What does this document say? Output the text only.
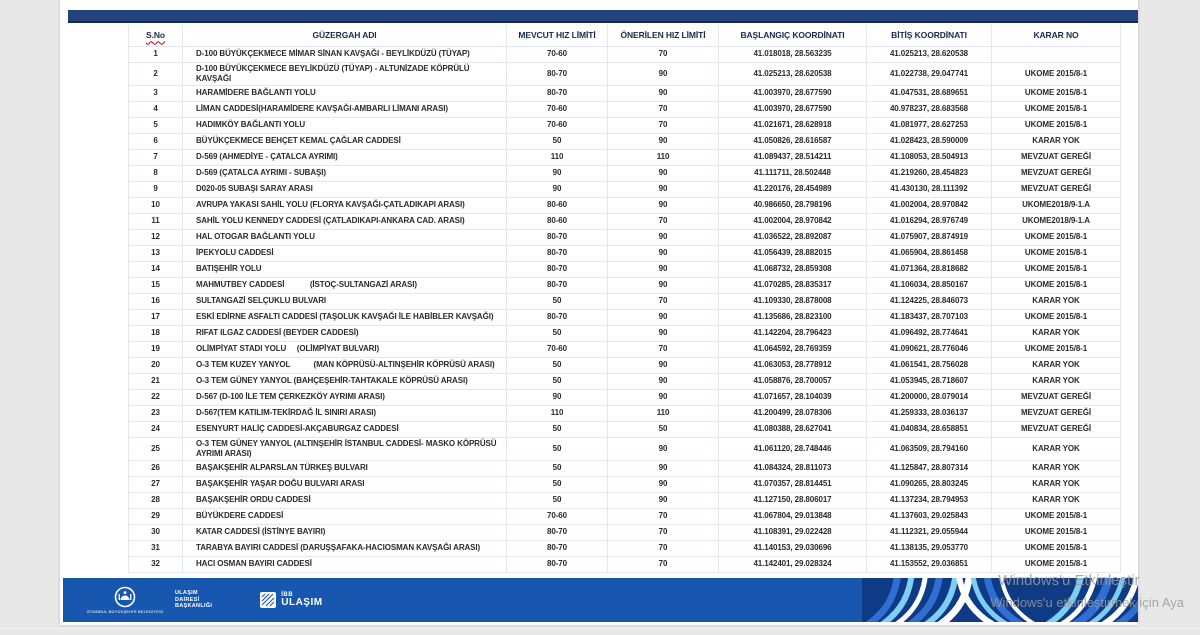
S.No	GÜZERGAH ADI	MEVCUT HIZ LİMİTİ	ÖNERİLEN HIZ LİMİTİ	BAŞLANGIÇ KOORDİNATI	BİTİŞ KOORDİNATI	KARAR NO
1	D-100 BÜYÜKÇEKMECE MİMAR SİNAN KAVŞAĞI - BEYLİKDÜZÜ (TÜYAP)	70-60	70	41.018018, 28.563235	41.025213, 28.620538	
2	D-100 BÜYÜKÇEKMECE BEYLİKDÜZÜ (TÜYAP) - ALTUNİZADE KÖPRÜLÜ KAVŞAĞI	80-70	90	41.025213, 28.620538	41.022738, 29.047741	UKOME 2015/8-1
3	HARAMİDERE BAĞLANTI YOLU	80-70	90	41.003970, 28.677590	41.047531, 28.689651	UKOME 2015/8-1
4	LİMAN CADDESİ(HARAMİDERE KAVŞAĞI-AMBARLI LİMANI ARASI)	70-60	70	41.003970, 28.677590	40.978237, 28.683568	UKOME 2015/8-1
5	HADIMKÖY BAĞLANTI YOLU	70-60	70	41.021671, 28.628918	41.081977, 28.627253	UKOME 2015/8-1
6	BÜYÜKÇEKMECE BEHÇET KEMAL ÇAĞLAR CADDESİ	50	90	41.050826, 28.616587	41.028423, 28.590009	KARAR YOK
7	D-569 (AHMEDİYE - ÇATALCA AYRIMI)	110	110	41.089437, 28.514211	41.108053, 28.504913	MEVZUAT GEREĞİ
8	D-569 (ÇATALCA AYRIMI - SUBAŞI)	90	90	41.111711, 28.502448	41.219260, 28.454823	MEVZUAT GEREĞİ
9	D020-05 SUBAŞI SARAY ARASI	90	90	41.220176, 28.454989	41.430130, 28.111392	MEVZUAT GEREĞİ
10	AVRUPA YAKASI SAHİL YOLU (FLORYA KAVŞAĞI-ÇATLADIKAPI ARASI)	80-60	90	40.986650, 28.798196	41.002004, 28.970842	UKOME2018/9-1.A
11	SAHİL YOLU KENNEDY CADDESİ (ÇATLADIKAPI-ANKARA CAD. ARASI)	80-60	70	41.002004, 28.970842	41.016294, 28.976749	UKOME2018/9-1.A
12	HAL OTOGAR BAĞLANTI YOLU	80-70	90	41.036522, 28.892087	41.075907, 28.874919	UKOME 2015/8-1
13	İPEKYOLU CADDESİ	80-70	90	41.056439, 28.882015	41.065904, 28.861458	UKOME 2015/8-1
14	BATIŞEHİR YOLU	80-70	90	41.068732, 28.859308	41.071364, 28.818682	UKOME 2015/8-1
15	MAHMUTBEY CADDESİ            (İSTOÇ-SULTANGAZİ ARASI)	80-70	90	41.070285, 28.835317	41.106034, 28.850167	UKOME 2015/8-1
16	SULTANGAZİ SELÇUKLU BULVARI	50	70	41.109330, 28.878008	41.124225, 28.846073	KARAR YOK
17	ESKİ EDİRNE ASFALTI CADDESİ (TAŞOLUK KAVŞAĞI İLE HABİBLER KAVŞAĞI)	80-70	90	41.135686, 28.823100	41.183437, 28.707103	UKOME 2015/8-1
18	RIFAT ILGAZ CADDESİ (BEYDER CADDESİ)	50	90	41.142204, 28.796423	41.096492, 28.774641	KARAR YOK
19	OLİMPİYAT STADI YOLU     (OLİMPİYAT BULVARI)	70-60	70	41.064592, 28.769359	41.090621, 28.776046	UKOME 2015/8-1
20	O-3 TEM KUZEY YANYOL           (MAN KÖPRÜSÜ-ALTINŞEHİR KÖPRÜSÜ ARASI)	50	90	41.063053, 28.778912	41.061541, 28.756028	KARAR YOK
21	O-3 TEM GÜNEY YANYOL (BAHÇEŞEHİR-TAHTAKALE KÖPRÜSÜ ARASI)	50	90	41.058876, 28.700057	41.053945, 28.718607	KARAR YOK
22	D-567 (D-100 İLE TEM ÇERKEZKÖY AYRIMI ARASI)	90	90	41.071657, 28.104039	41.200000, 28.079014	MEVZUAT GEREĞİ
23	D-567(TEM KATILIM-TEKİRDAĞ İL SINIRI ARASI)	110	110	41.200499, 28.078306	41.259333, 28.036137	MEVZUAT GEREĞİ
24	ESENYURT HALİÇ CADDESİ-AKÇABURGAZ CADDESİ	50	50	41.080388, 28.627041	41.040834, 28.658851	MEVZUAT GEREĞİ
25	O-3 TEM GÜNEY YANYOL (ALTINŞEHİR İSTANBUL CADDESİ- MASKO KÖPRÜSÜ AYRIMI ARASI)	50	90	41.061120, 28.748446	41.063509, 28.794160	KARAR YOK
26	BAŞAKŞEHİR ALPARSLAN TÜRKEŞ BULVARI	50	90	41.084324, 28.811073	41.125847, 28.807314	KARAR YOK
27	BAŞAKŞEHİR YAŞAR DOĞU BULVARI ARASI	50	90	41.070357, 28.814451	41.090265, 28.803245	KARAR YOK
28	BAŞAKŞEHİR ORDU CADDESİ	50	90	41.127150, 28.806017	41.137234, 28.794953	KARAR YOK
29	BÜYÜKDERE CADDESİ	70-60	70	41.067804, 29.013848	41.137603, 29.025843	UKOME 2015/8-1
30	KATAR CADDESİ (İSTİNYE BAYIRI)	80-70	70	41.108391, 29.022428	41.112321, 29.055944	UKOME 2015/8-1
31	TARABYA BAYIRI CADDESİ (DARUŞŞAFAKA-HACIOSMAN KAVŞAĞI ARASI)	80-70	70	41.140153, 29.030696	41.138135, 29.053770	UKOME 2015/8-1
32	HACI OSMAN BAYIRI CADDESİ	80-70	70	41.142401, 29.028324	41.153552, 29.036851	UKOME 2015/8-1
İSTANBUL BÜYÜKŞEHİR BELEDİYESİ
ULAŞIM
DAİRESİ
BAŞKANLIĞI
İBB
ULAŞIM
Windows'u Etkinleştir
Windows'u etkinleştirmek için Aya
